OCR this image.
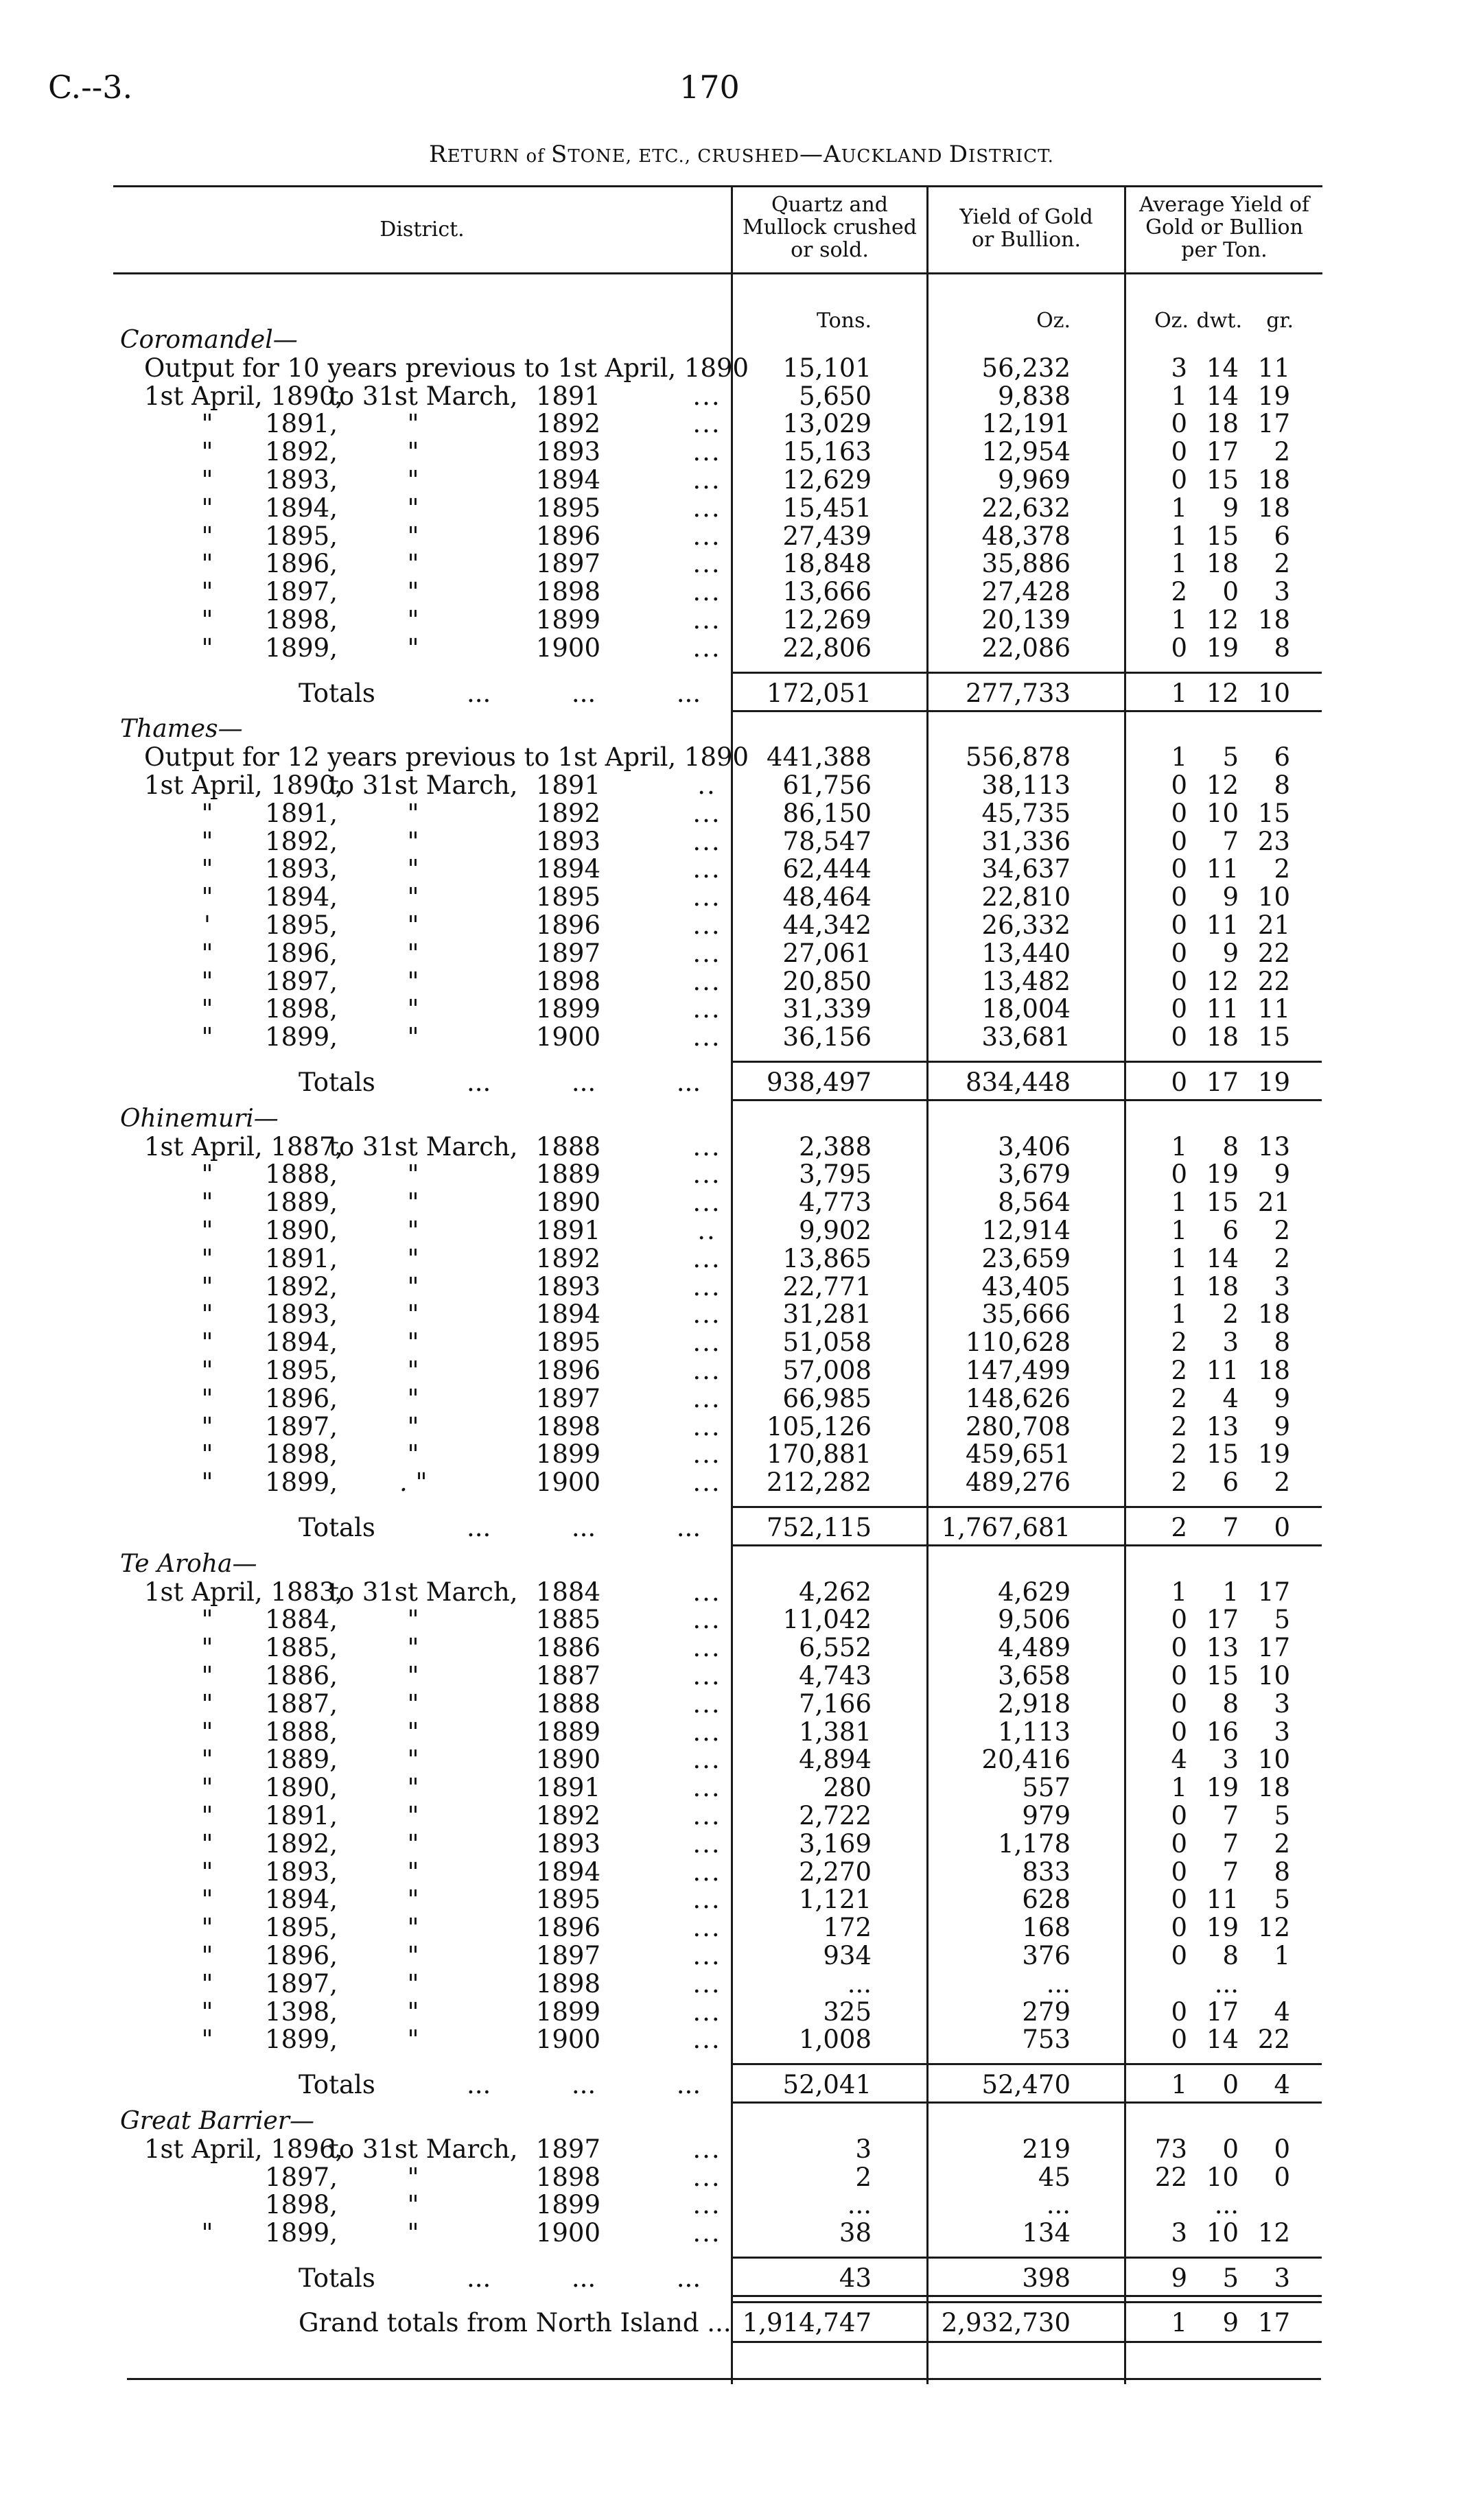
C.--3.	170
RETURN of STONE, ETC., CRUSHED—AUCKLAND DISTRICT.
District.
Quartz and
Mullock crushed
or sold.
Yield of Gold
or Bullion.
Average Yield of
Gold or Bullion
per Ton.
Tons.	Oz.	Oz. dwt.	gr.
Coromandel—
Output for 10 years previous to 1st April, 1890	15,101	56,232	3 14 11
1st April, 1890,
to 31st March, 1891	...	5,650	9,838	1 14 19
"	1891,	"	1892	...	13,029	12,191	0 18 17
"	1892,	"	1893	...	15,163	12,954	0 17	2
"	1893,	"	1894	...	12,629	9,969	0 15 18
"	1894,	"	1895	...	15,451	22,632	1	9 18
"	1895,	"	1896	...	27,439	48,378	1 15	6
"	1896,	"	1897	...	18,848	35,886	1 18	2
"	1897,	"	1898	...	13,666	27,428	2	0	3
"	1898,	"	1899	...	12,269	20,139	1 12 18
"	1899,	"	1900	...	22,806	22,086	0 19	8
Totals	...          ...          ...	172,051	277,733	1 12 10
Thames—
Output for 12 years previous to 1st April, 1890 441,388	556,878	1	5	6
1st April, 1890,
to 31st March, 1891	..	61,756	38,113	0 12	8
"	1891,	"	1892	...	86,150	45,735	0 10 15
"	1892,	"	1893	...	78,547	31,336	0	7 23
"	1893,	"	1894	...	62,444	34,637	0 11	2
"	1894,	"	1895	...	48,464	22,810	0	9 10
'	1895,	"	1896	...	44,342	26,332	0 11 21
"	1896,	"	1897	...	27,061	13,440	0	9 22
"	1897,	"	1898	...	20,850	13,482	0 12 22
"	1898,	"	1899	...	31,339	18,004	0 11 11
"	1899,	"	1900	...	36,156	33,681	0 18 15
Totals	...          ...          ...	938,497	834,448	0 17 19
Ohinemuri—
1st April, 1887,
to 31st March, 1888	...	2,388	3,406	1	8 13
"	1888,	"	1889	...	3,795	3,679	0 19	9
"	1889,	"	1890	...	4,773	8,564	1 15 21
"	1890,	"	1891	..	9,902	12,914	1	6	2
"	1891,	"	1892	...	13,865	23,659	1 14	2
"	1892,	"	1893	...	22,771	43,405	1 18	3
"	1893,	"	1894	...	31,281	35,666	1	2 18
"	1894,	"	1895	...	51,058	110,628	2	3	8
"	1895,	"	1896	...	57,008	147,499	2 11 18
"	1896,	"	1897	...	66,985	148,626	2	4	9
"	1897,	"	1898	...	105,126	280,708	2 13	9
"	1898,	"	1899	...	170,881	459,651	2 15 19
"	1899, . "	1900	...	212,282	489,276	2	6	2
Totals	...          ...          ...	752,115	1,767,681	2	7	0
Te Aroha—
1st April, 1883,
to 31st March, 1884	...	4,262	4,629	1	1 17
"	1884,	"	1885	...	11,042	9,506	0 17	5
"	1885,	"	1886	...	6,552	4,489	0 13 17
"	1886,	"	1887	...	4,743	3,658	0 15 10
"	1887,	"	1888	...	7,166	2,918	0	8	3
"	1888,	"	1889	...	1,381	1,113	0 16	3
"	1889,	"	1890	...	4,894	20,416	4	3 10
"	1890,	"	1891	...	280	557	1 19 18
"	1891,	"	1892	...	2,722	979	0	7	5
"	1892,	"	1893	...	3,169	1,178	0	7	2
"	1893,	"	1894	...	2,270	833	0	7	8
"	1894,	"	1895	...	1,121	628	0 11	5
"	1895,	"	1896	...	172	168	0 19 12
"	1896,	"	1897	...	934	376	0	8	1
"	1897,	"	1898	...	...	...	...
"	1398,	"	1899	...	325	279	0 17	4
"	1899,	"	1900	...	1,008	753	0 14 22
Totals	...          ...          ...	52,041	52,470	1	0	4
Great Barrier—
1st April, 1896,
to 31st March, 1897	...	3	219	73	0	0
1897,	"	1898	...	2	45	22 10	0
1898,	"	1899	...	...	...	...
"	1899,	"	1900	...	38	134	3 10 12
Totals	...          ...          ...	43	398	9	5	3
Grand totals from North Island ... 1,914,747	2,932,730	1	9 17
